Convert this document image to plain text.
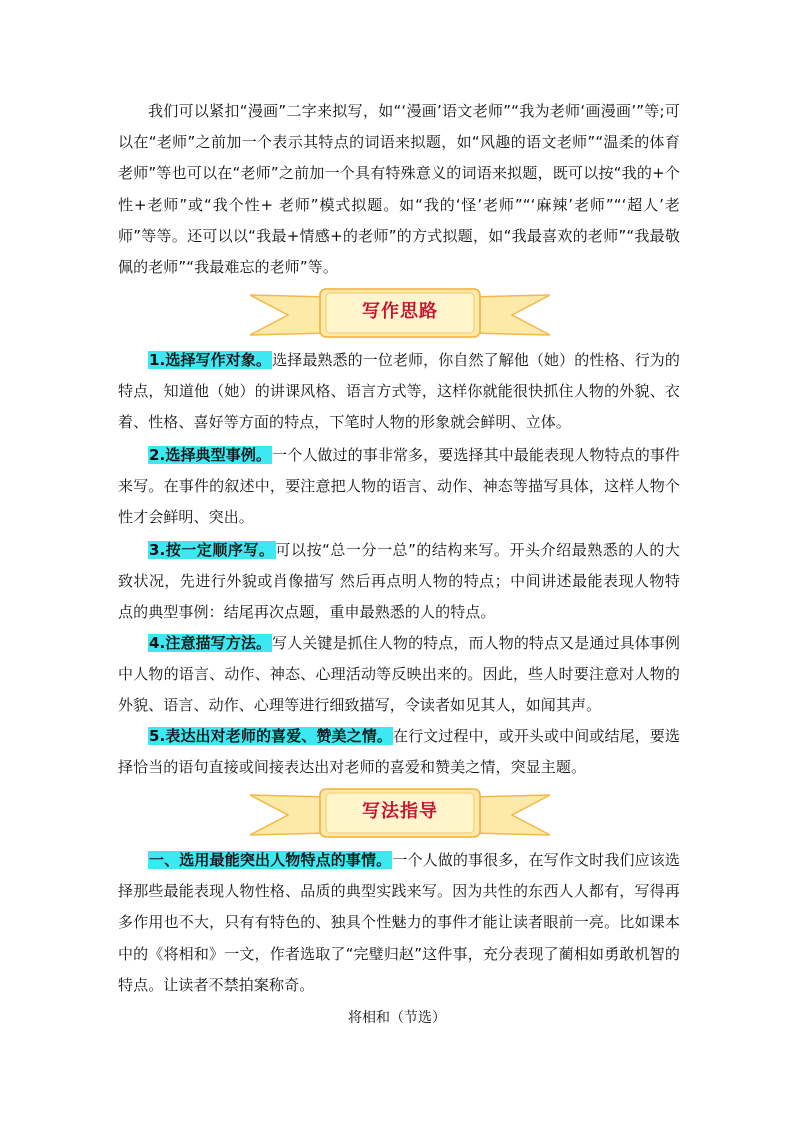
我们可以紧扣“漫画”二字来拟写，如“‘漫画’语文老师”“我为老师‘画漫画’”等;可以在“老师”之前加一个表示其特点的词语来拟题，如“风趣的语文老师”“温柔的体育老师”等也可以在“老师”之前加一个具有特殊意义的词语来拟题，既可以按“我的+个性+老师”或“我个性+ 老师”模式拟题。如“我的‘怪’老师”“‘麻辣’老师”“‘超人’老师”等等。还可以以“我最+情感+的老师”的方式拟题，如“我最喜欢的老师”“我最敬佩的老师”“我最难忘的老师”等。

写作思路

1.选择写作对象。选择最熟悉的一位老师，你自然了解他（她）的性格、行为的特点，知道他（她）的讲课风格、语言方式等，这样你就能很快抓住人物的外貌、衣着、性格、喜好等方面的特点，下笔时人物的形象就会鲜明、立体。

2.选择典型事例。一个人做过的事非常多，要选择其中最能表现人物特点的事件来写。在事件的叙述中，要注意把人物的语言、动作、神态等描写具体，这样人物个性才会鲜明、突出。

3.按一定顺序写。可以按“总一分一总”的结构来写。开头介绍最熟悉的人的大致状况，先进行外貌或肖像描写 然后再点明人物的特点；中间讲述最能表现人物特点的典型事例：结尾再次点题，重申最熟悉的人的特点。

4.注意描写方法。写人关键是抓住人物的特点，而人物的特点又是通过具体事例中人物的语言、动作、神态、心理活动等反映出来的。因此，些人时要注意对人物的外貌、语言、动作、心理等进行细致描写，令读者如见其人，如闻其声。

5.表达出对老师的喜爱、赞美之情。在行文过程中，或开头或中间或结尾，要选择恰当的语句直接或间接表达出对老师的喜爱和赞美之情，突显主题。

写法指导

一、选用最能突出人物特点的事情。一个人做的事很多，在写作文时我们应该选择那些最能表现人物性格、品质的典型实践来写。因为共性的东西人人都有，写得再多作用也不大，只有有特色的、独具个性魅力的事件才能让读者眼前一亮。比如课本中的《将相和》一文，作者选取了“完璧归赵”这件事，充分表现了蔺相如勇敢机智的特点。让读者不禁拍案称奇。

将相和（节选）
